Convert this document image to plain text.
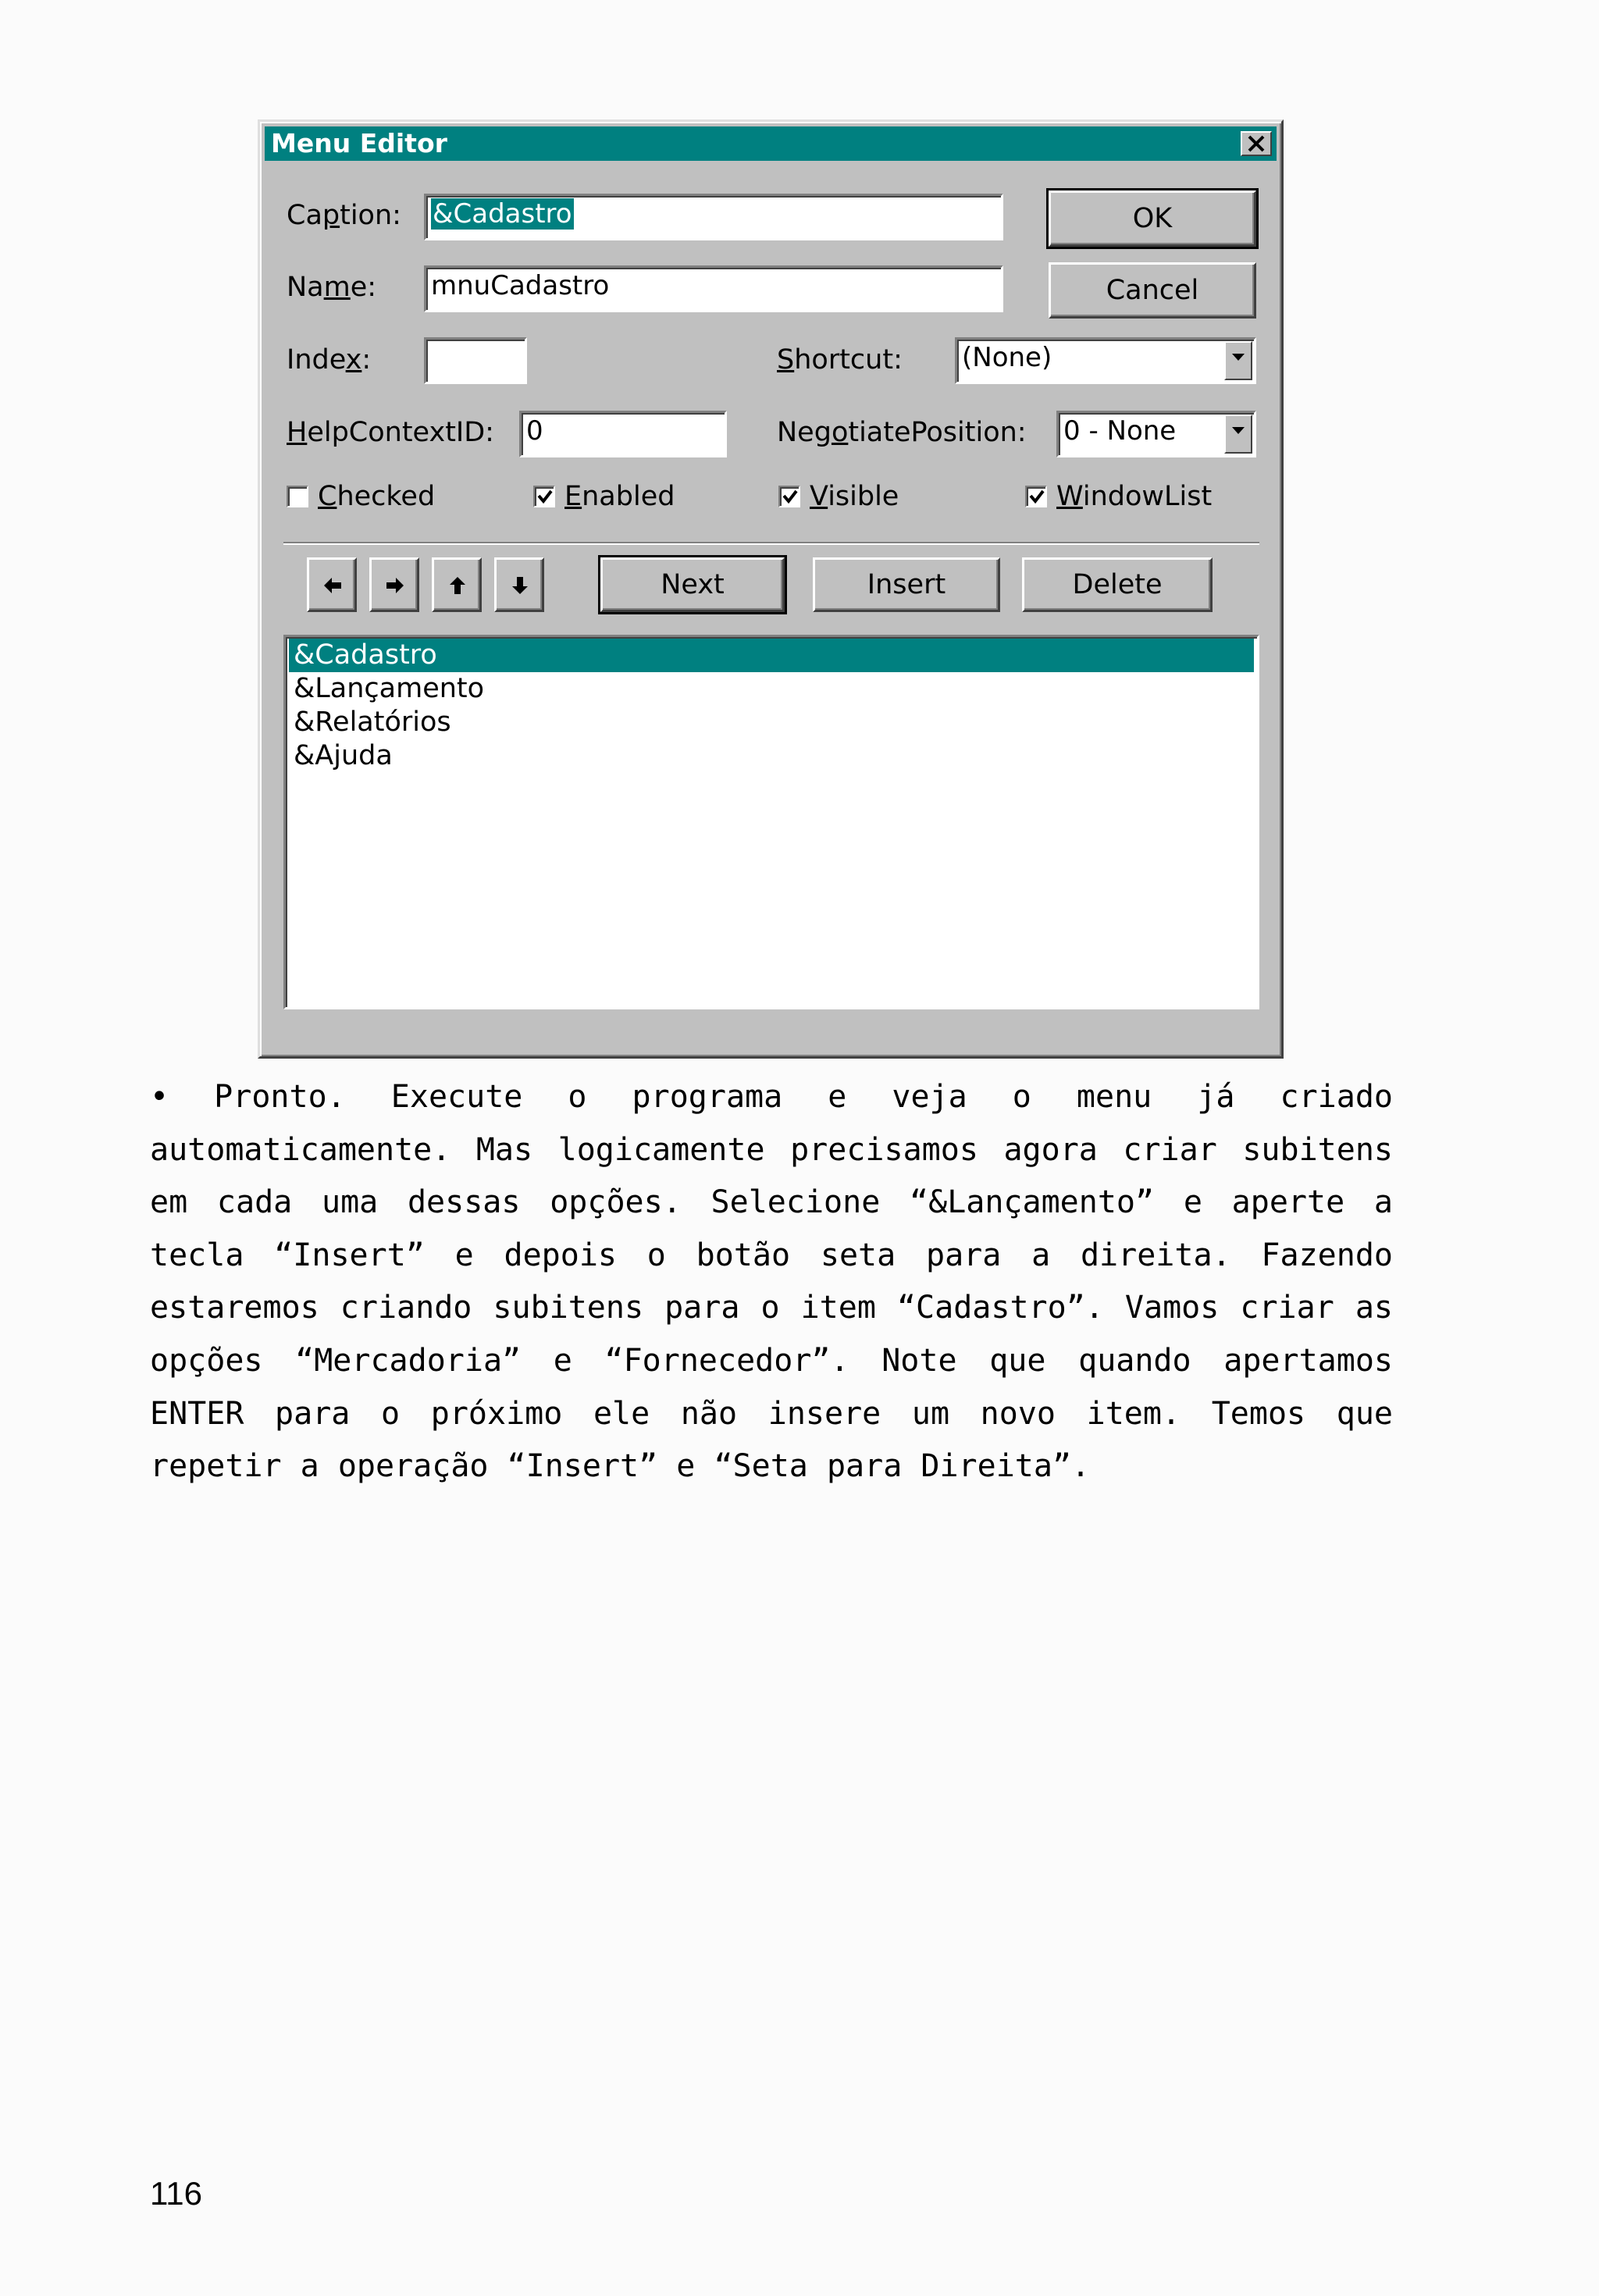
Menu Editor
Caption: &Cadastro	OK
Name: mnuCadastro	Cancel
Index:	Shortcut: (None)
HelpContextID: 0	NegotiatePosition: 0 - None
Checked	Enabled	Visible	WindowList
Next	Insert	Delete
&Cadastro
&Lançamento
&Relatórios
&Ajuda
• Pronto. Execute o programa e veja o menu já criado automaticamente. Mas logicamente precisamos agora criar subitens em cada uma dessas opções. Selecione “&Lançamento” e aperte a tecla “Insert” e depois o botão seta para a direita. Fazendo estaremos criando subitens para o item “Cadastro”. Vamos criar as opções “Mercadoria” e “Fornecedor”. Note que quando apertamos ENTER para o próximo ele não insere um novo item. Temos que repetir a operação “Insert” e “Seta para Direita”.
116
